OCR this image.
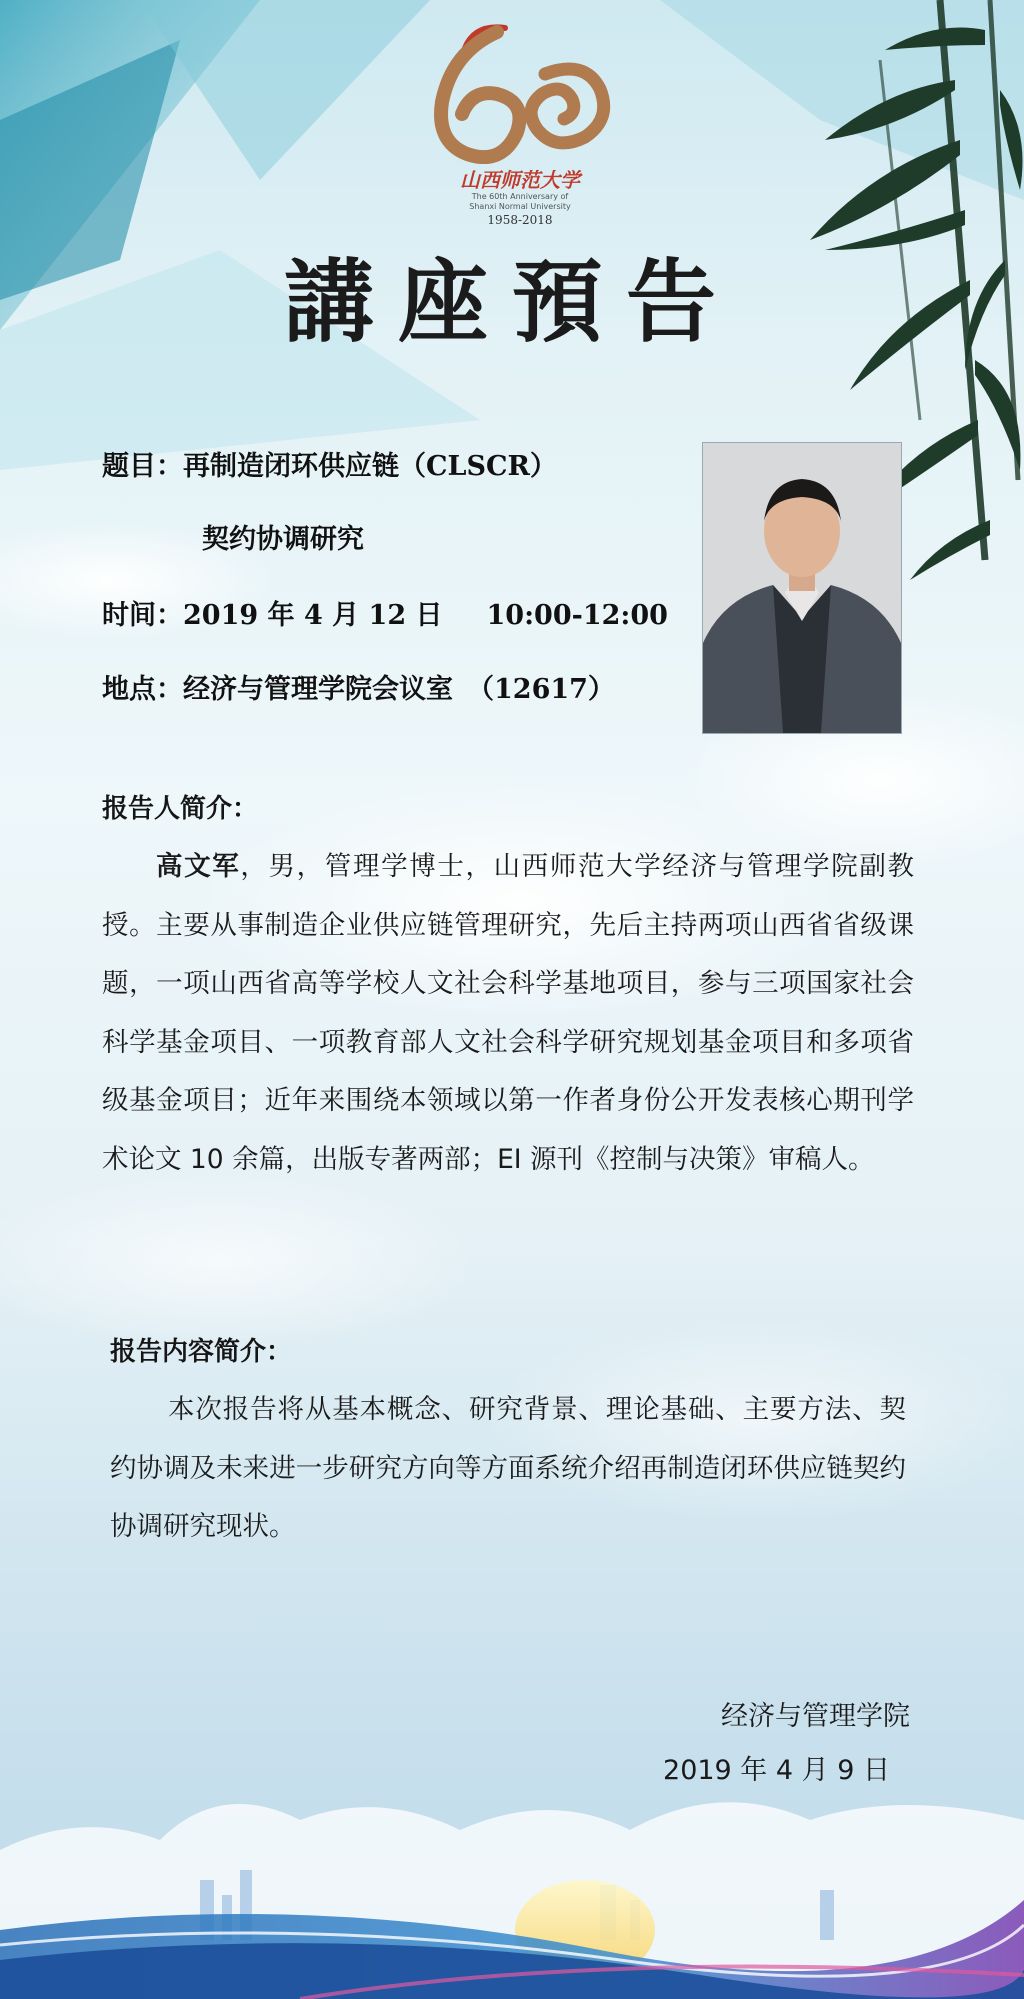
山西师范大学
The 60th Anniversary of
Shanxi Normal University
1958-2018
講座預告
题目：再制造闭环供应链（CLSCR）
契约协调研究
时间：2019 年 4 月 12 日 10:00-12:00
地点：经济与管理学院会议室 （12617）
报告人简介：
高文军，男，管理学博士，山西师范大学经济与管理学院副教授。主要从事制造企业供应链管理研究，先后主持两项山西省省级课题，一项山西省高等学校人文社会科学基地项目，参与三项国家社会科学基金项目、一项教育部人文社会科学研究规划基金项目和多项省级基金项目；近年来围绕本领域以第一作者身份公开发表核心期刊学术论文 10 余篇，出版专著两部；EI 源刊《控制与决策》审稿人。
报告内容简介：
本次报告将从基本概念、研究背景、理论基础、主要方法、契约协调及未来进一步研究方向等方面系统介绍再制造闭环供应链契约协调研究现状。
经济与管理学院
2019 年 4 月 9 日
